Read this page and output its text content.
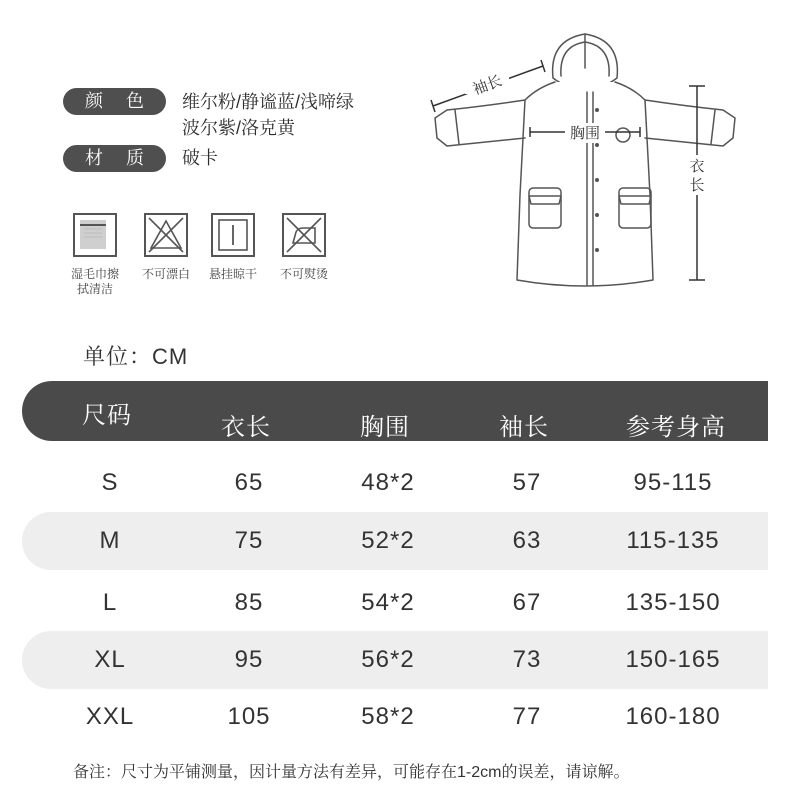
颜 色	维尔粉/静谧蓝/浅啼绿
波尔紫/洛克黄
材 质	破卡
湿毛巾擦
拭清洁
不可漂白	悬挂晾干	不可熨烫
袖长
胸围
衣
长
单位：CM
尺码	衣长	胸围	袖长	参考身高
S	65	48*2	57	95-115
M	75	52*2	63	115-135
L	85	54*2	67	135-150
XL	95	56*2	73	150-165
XXL	105	58*2	77	160-180
备注：尺寸为平铺测量，因计量方法有差异，可能存在1-2cm的误差，请谅解。
